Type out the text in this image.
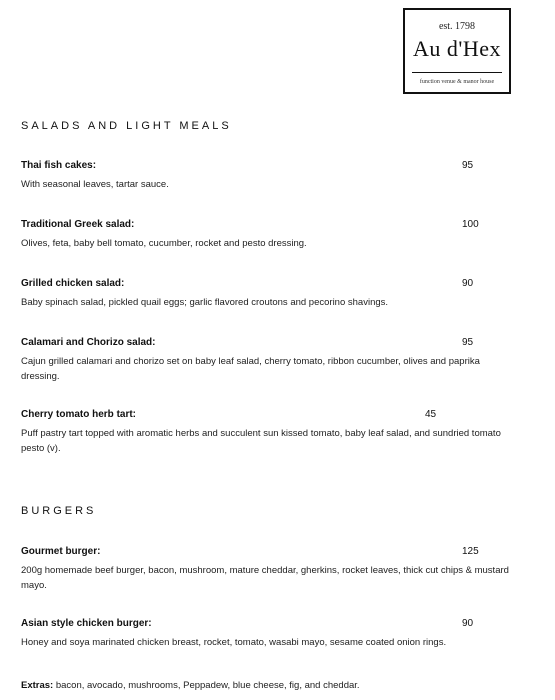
est. 1798
Au d'Hex
function venue & manor house
SALADS AND LIGHT MEALS
Thai fish cakes:	95
With seasonal leaves, tartar sauce.
Traditional Greek salad:	100
Olives, feta, baby bell tomato, cucumber, rocket and pesto dressing.
Grilled chicken salad:	90
Baby spinach salad, pickled quail eggs; garlic flavored croutons and pecorino shavings.
Calamari and Chorizo salad:	95
Cajun grilled calamari and chorizo set on baby leaf salad, cherry tomato, ribbon cucumber, olives and paprika dressing.
Cherry tomato herb tart:	45
Puff pastry tart topped with aromatic herbs and succulent sun kissed tomato, baby leaf salad, and sundried tomato pesto (v).
BURGERS
Gourmet burger:	125
200g homemade beef burger, bacon, mushroom, mature cheddar, gherkins, rocket leaves, thick cut chips & mustard mayo.
Asian style chicken burger:	90
Honey and soya marinated chicken breast, rocket, tomato, wasabi mayo, sesame coated onion rings.
Extras: bacon, avocado, mushrooms, Peppadew, blue cheese, fig, and cheddar.
